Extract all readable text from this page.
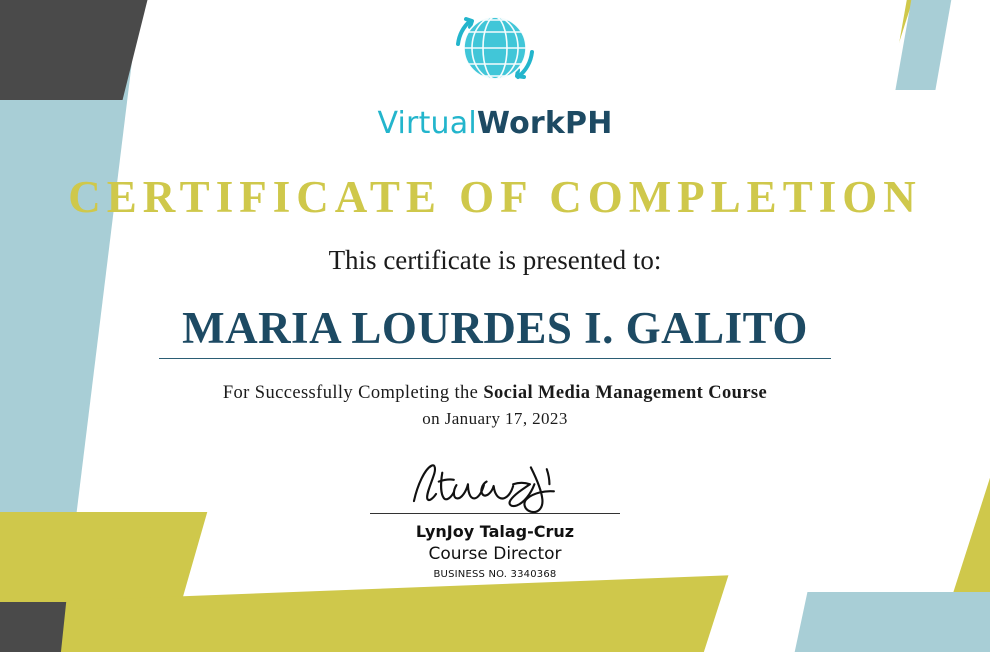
VirtualWorkPH
CERTIFICATE OF COMPLETION
This certificate is presented to:
MARIA LOURDES I. GALITO
For Successfully Completing the Social Media Management Course
on January 17, 2023
LynJoy Talag-Cruz
Course Director
BUSINESS NO. 3340368
